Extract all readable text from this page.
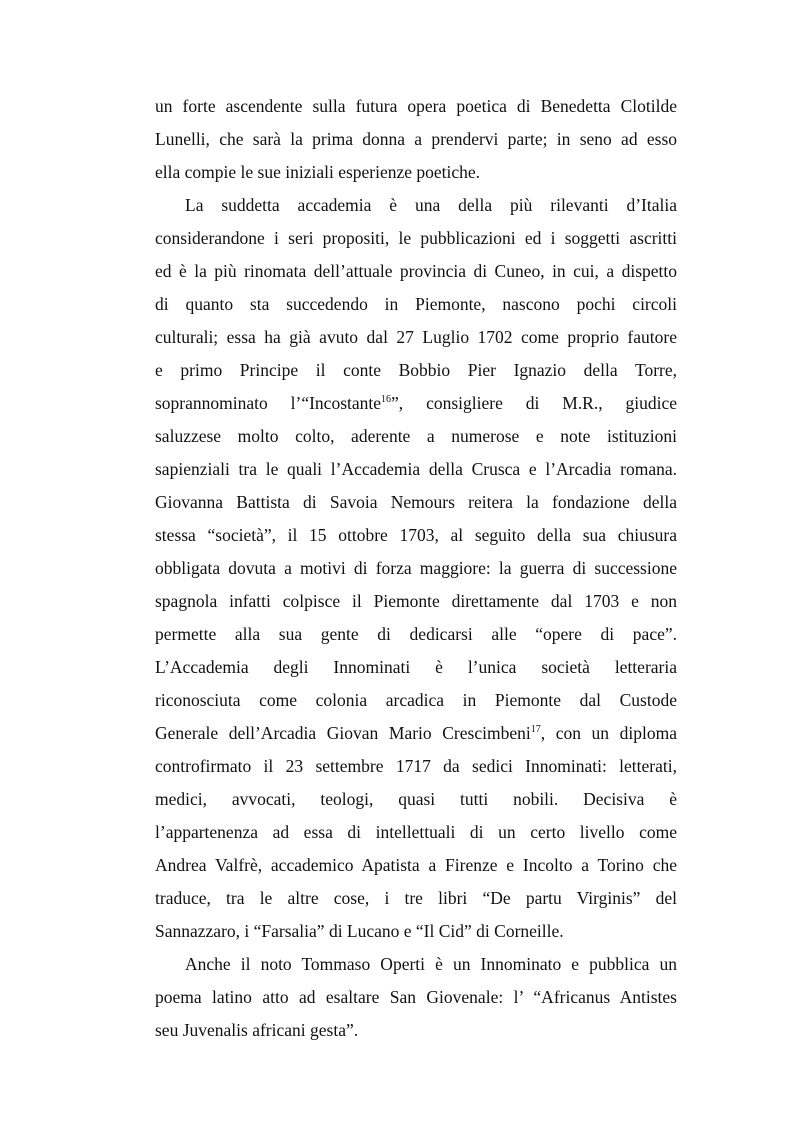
un forte ascendente sulla futura opera poetica di Benedetta Clotilde
Lunelli, che sarà la prima donna a prendervi parte; in seno ad esso
ella compie le sue iniziali esperienze poetiche.
La suddetta accademia è una della più rilevanti d’Italia
considerandone i seri propositi, le pubblicazioni ed i soggetti ascritti
ed è la più rinomata dell’attuale provincia di Cuneo, in cui, a dispetto
di quanto sta succedendo in Piemonte, nascono pochi circoli
culturali; essa ha già avuto dal 27 Luglio 1702 come proprio fautore
e primo Principe il conte Bobbio Pier Ignazio della Torre,
soprannominato l’“Incostante$^{16}$”, consigliere di M.R., giudice
saluzzese molto colto, aderente a numerose e note istituzioni
sapienziali tra le quali l’Accademia della Crusca e l’Arcadia romana.
Giovanna Battista di Savoia Nemours reitera la fondazione della
stessa “società”, il 15 ottobre 1703, al seguito della sua chiusura
obbligata dovuta a motivi di forza maggiore: la guerra di successione
spagnola infatti colpisce il Piemonte direttamente dal 1703 e non
permette alla sua gente di dedicarsi alle “opere di pace”.
L’Accademia degli Innominati è l’unica società letteraria
riconosciuta come colonia arcadica in Piemonte dal Custode
Generale dell’Arcadia Giovan Mario Crescimbeni$^{17}$, con un diploma
controfirmato il 23 settembre 1717 da sedici Innominati: letterati,
medici, avvocati, teologi, quasi tutti nobili. Decisiva è
l’appartenenza ad essa di intellettuali di un certo livello come
Andrea Valfrè, accademico Apatista a Firenze e Incolto a Torino che
traduce, tra le altre cose, i tre libri “De partu Virginis” del
Sannazzaro, i “Farsalia” di Lucano e “Il Cid” di Corneille.
Anche il noto Tommaso Operti è un Innominato e pubblica un
poema latino atto ad esaltare San Giovenale: l’ “Africanus Antistes
seu Juvenalis africani gesta”.
